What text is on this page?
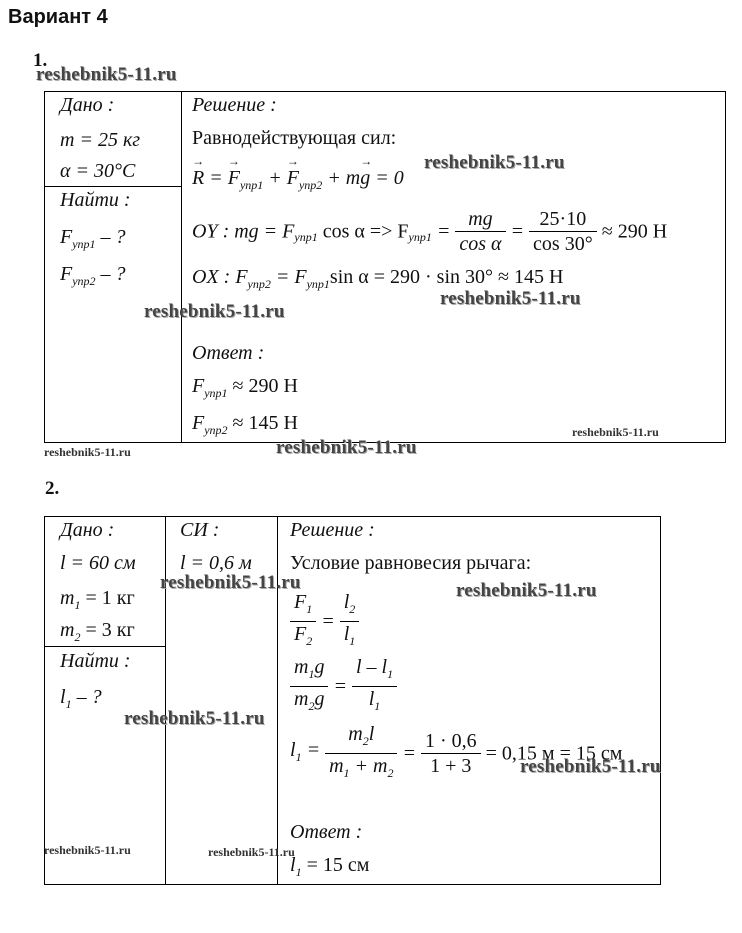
Вариант 4
1.
reshebnik5-11.ru
Дано :
m = 25 кг
α = 30°C
Найти :
$F_{упр1}$ – ?
$F_{упр2}$ – ?
Решение :
Равнодействующая сил:
→ R = → $F_{упр1}$ + → $F_{упр2} + m\to g = 0$
reshebnik5-11.ru
OY : mg = $F_{упр1}$ $\cos \alpha => F_{упр1} = \frac{mg}{\text{cos α}} = \frac{25\cdot 10}{\cos 30^\circ} \approx 290$ Н
OX : $F_{упр2} = F_{упр1}\sin$ α = 290 · sin 30° ≈ 145 Н
reshebnik5-11.ru
reshebnik5-11.ru
Ответ :
$F_{упр1} \approx 290$ Н
$F_{упр2} \approx 145$ Н	reshebnik5-11.ru
reshebnik5-11.ru	reshebnik5-11.ru
2.
Дано :
l = 60 см
$m_1 = 1$ кг
$m_2 = 3$ кг
Найти :
$l_1$ – ?
СИ :
l = 0,6 м
Решение :
Условие равновесия рычага:
$\frac{F_1}{F_2} = \frac{l_2}{l_1}$
$\frac{m_1g}{m_2g} = \frac{l - l_1}{l_1}$
$l_1 = \frac{m_2l}{m_1 + m_2} = \frac{1 \cdot 0,6}{1 + 3} = 0,15$ м = 15 см
Ответ :
$l_1 = 15$ см
reshebnik5-11.ru	reshebnik5-11.ru
reshebnik5-11.ru
reshebnik5-11.ru
reshebnik5-11.ru	reshebnik5-11.ru
